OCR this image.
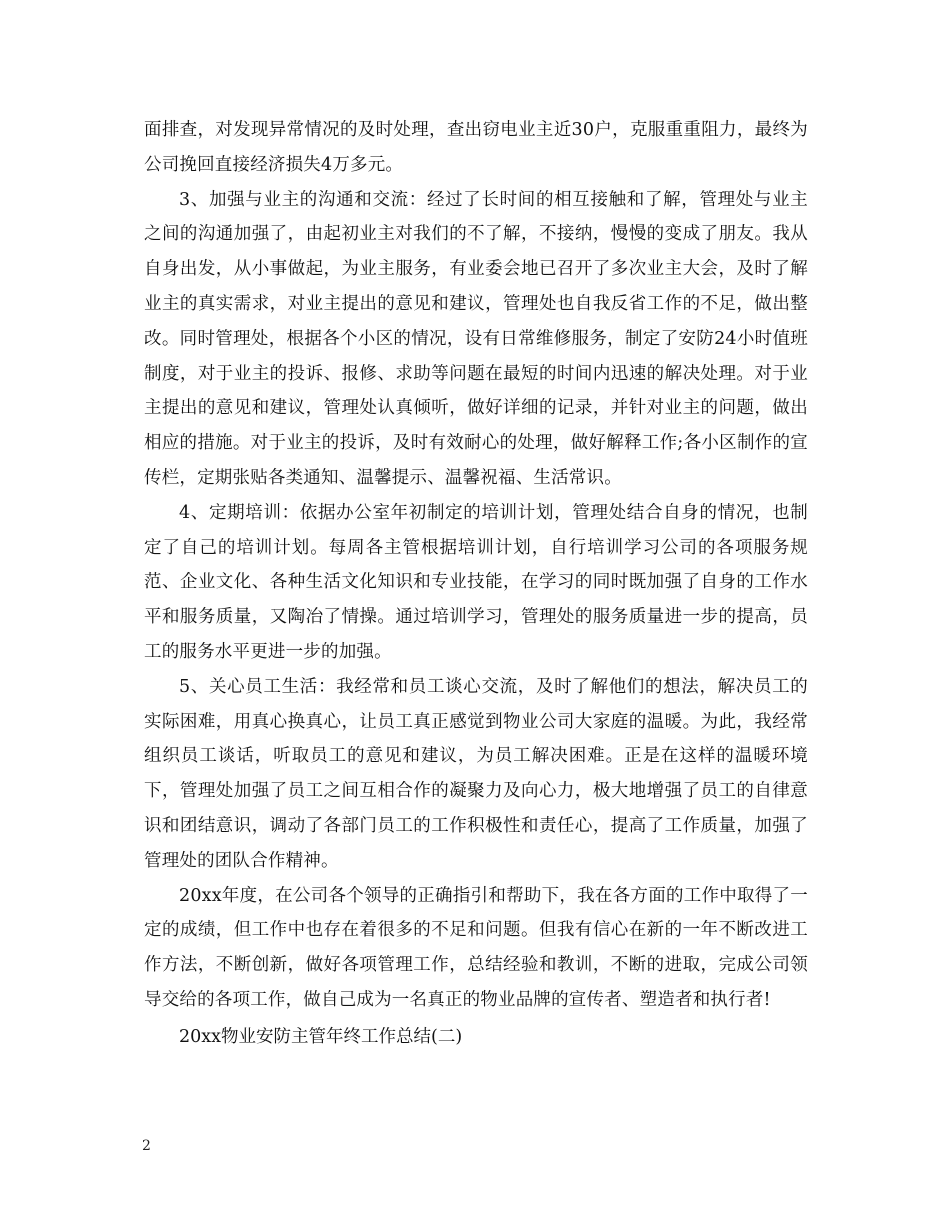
面排查，对发现异常情况的及时处理，查出窃电业主近30户，克服重重阻力，最终为公司挽回直接经济损失4万多元。

3、加强与业主的沟通和交流：经过了长时间的相互接触和了解，管理处与业主之间的沟通加强了，由起初业主对我们的不了解，不接纳，慢慢的变成了朋友。我从自身出发，从小事做起，为业主服务，有业委会地已召开了多次业主大会，及时了解业主的真实需求，对业主提出的意见和建议，管理处也自我反省工作的不足，做出整改。同时管理处，根据各个小区的情况，设有日常维修服务，制定了安防24小时值班制度，对于业主的投诉、报修、求助等问题在最短的时间内迅速的解决处理。对于业主提出的意见和建议，管理处认真倾听，做好详细的记录，并针对业主的问题，做出相应的措施。对于业主的投诉，及时有效耐心的处理，做好解释工作;各小区制作的宣传栏，定期张贴各类通知、温馨提示、温馨祝福、生活常识。

4、定期培训：依据办公室年初制定的培训计划，管理处结合自身的情况，也制定了自己的培训计划。每周各主管根据培训计划，自行培训学习公司的各项服务规范、企业文化、各种生活文化知识和专业技能，在学习的同时既加强了自身的工作水平和服务质量，又陶冶了情操。通过培训学习，管理处的服务质量进一步的提高，员工的服务水平更进一步的加强。

5、关心员工生活：我经常和员工谈心交流，及时了解他们的想法，解决员工的实际困难，用真心换真心，让员工真正感觉到物业公司大家庭的温暖。为此，我经常组织员工谈话，听取员工的意见和建议，为员工解决困难。正是在这样的温暖环境下，管理处加强了员工之间互相合作的凝聚力及向心力，极大地增强了员工的自律意识和团结意识，调动了各部门员工的工作积极性和责任心，提高了工作质量，加强了管理处的团队合作精神。

20xx年度，在公司各个领导的正确指引和帮助下，我在各方面的工作中取得了一定的成绩，但工作中也存在着很多的不足和问题。但我有信心在新的一年不断改进工作方法，不断创新，做好各项管理工作，总结经验和教训，不断的进取，完成公司领导交给的各项工作，做自己成为一名真正的物业品牌的宣传者、塑造者和执行者!

20xx物业安防主管年终工作总结(二)

2
